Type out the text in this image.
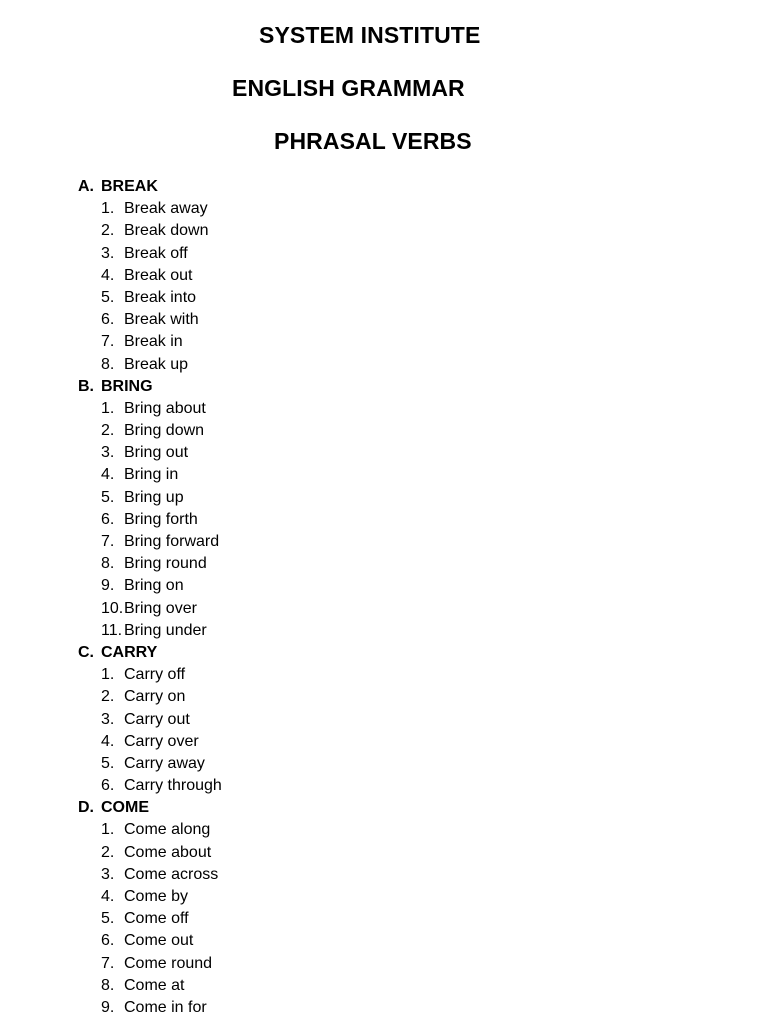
SYSTEM INSTITUTE
ENGLISH GRAMMAR
PHRASAL VERBS
A. BREAK
1. Break away
2. Break down
3. Break off
4. Break out
5. Break into
6. Break with
7. Break in
8. Break up
B. BRING
1. Bring about
2. Bring down
3. Bring out
4. Bring in
5. Bring up
6. Bring forth
7. Bring forward
8. Bring round
9. Bring on
10. Bring over
11. Bring under
C. CARRY
1. Carry off
2. Carry on
3. Carry out
4. Carry over
5. Carry away
6. Carry through
D. COME
1. Come along
2. Come about
3. Come across
4. Come by
5. Come off
6. Come out
7. Come round
8. Come at
9. Come in for
